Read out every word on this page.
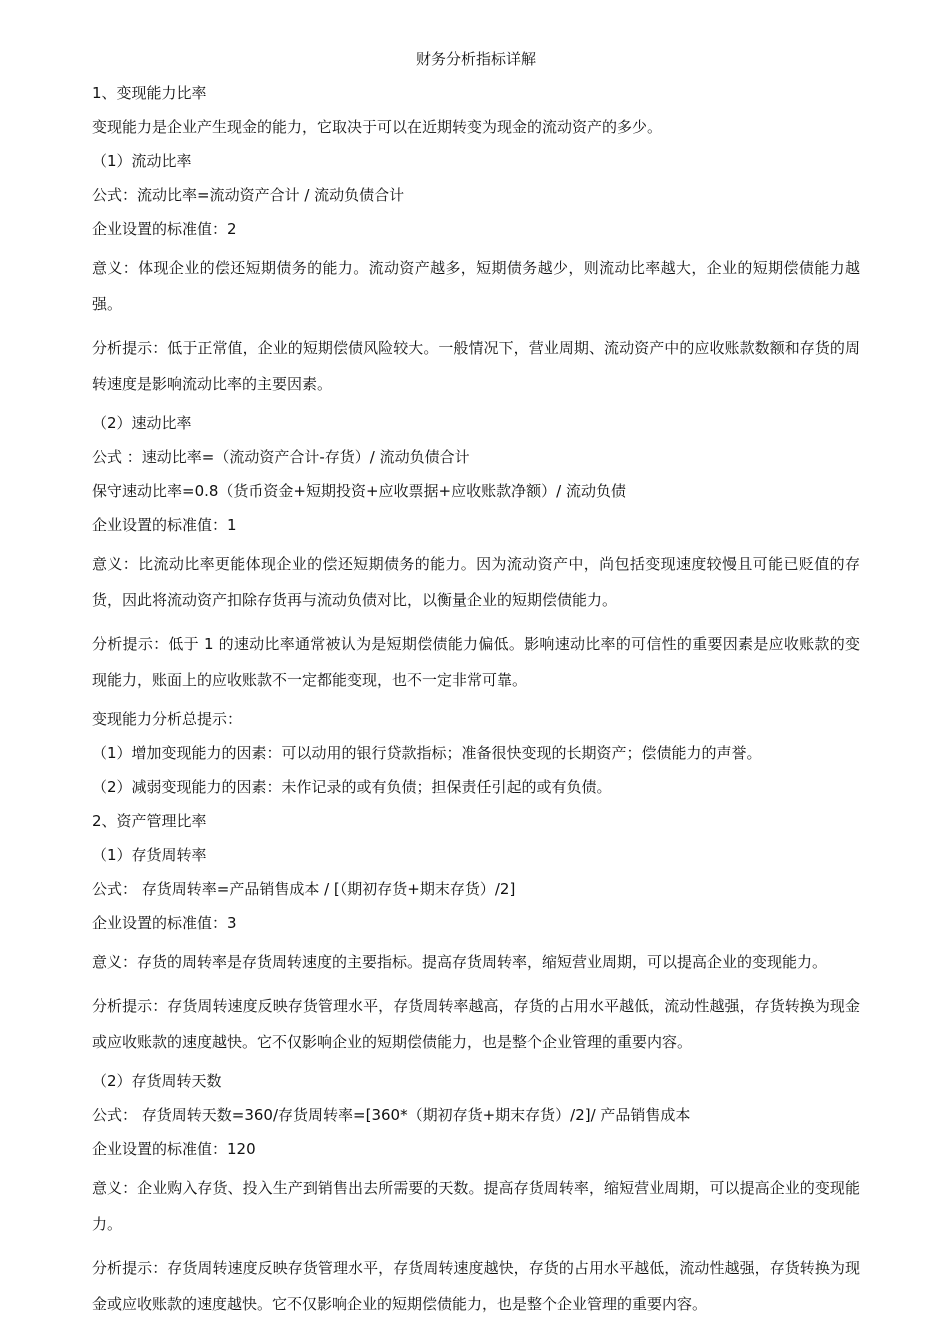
财务分析指标详解
1、变现能力比率
变现能力是企业产生现金的能力，它取决于可以在近期转变为现金的流动资产的多少。
（1）流动比率
公式：流动比率=流动资产合计 / 流动负债合计
企业设置的标准值：2
意义：体现企业的偿还短期债务的能力。流动资产越多，短期债务越少，则流动比率越大，企业的短期偿债能力越强。
分析提示：低于正常值，企业的短期偿债风险较大。一般情况下，营业周期、流动资产中的应收账款数额和存货的周转速度是影响流动比率的主要因素。
（2）速动比率
公式 ：速动比率=（流动资产合计-存货）/ 流动负债合计
保守速动比率=0.8（货币资金+短期投资+应收票据+应收账款净额）/ 流动负债
企业设置的标准值：1
意义：比流动比率更能体现企业的偿还短期债务的能力。因为流动资产中，尚包括变现速度较慢且可能已贬值的存货，因此将流动资产扣除存货再与流动负债对比，以衡量企业的短期偿债能力。
分析提示：低于 1 的速动比率通常被认为是短期偿债能力偏低。影响速动比率的可信性的重要因素是应收账款的变现能力，账面上的应收账款不一定都能变现，也不一定非常可靠。
变现能力分析总提示：
（1）增加变现能力的因素：可以动用的银行贷款指标；准备很快变现的长期资产；偿债能力的声誉。
（2）减弱变现能力的因素：未作记录的或有负债；担保责任引起的或有负债。
2、资产管理比率
（1）存货周转率
公式： 存货周转率=产品销售成本 / [（期初存货+期末存货）/2]
企业设置的标准值：3
意义：存货的周转率是存货周转速度的主要指标。提高存货周转率，缩短营业周期，可以提高企业的变现能力。
分析提示：存货周转速度反映存货管理水平，存货周转率越高，存货的占用水平越低，流动性越强，存货转换为现金或应收账款的速度越快。它不仅影响企业的短期偿债能力，也是整个企业管理的重要内容。
（2）存货周转天数
公式： 存货周转天数=360/存货周转率=[360*（期初存货+期末存货）/2]/ 产品销售成本
企业设置的标准值：120
意义：企业购入存货、投入生产到销售出去所需要的天数。提高存货周转率，缩短营业周期，可以提高企业的变现能力。
分析提示：存货周转速度反映存货管理水平，存货周转速度越快，存货的占用水平越低，流动性越强，存货转换为现金或应收账款的速度越快。它不仅影响企业的短期偿债能力，也是整个企业管理的重要内容。
